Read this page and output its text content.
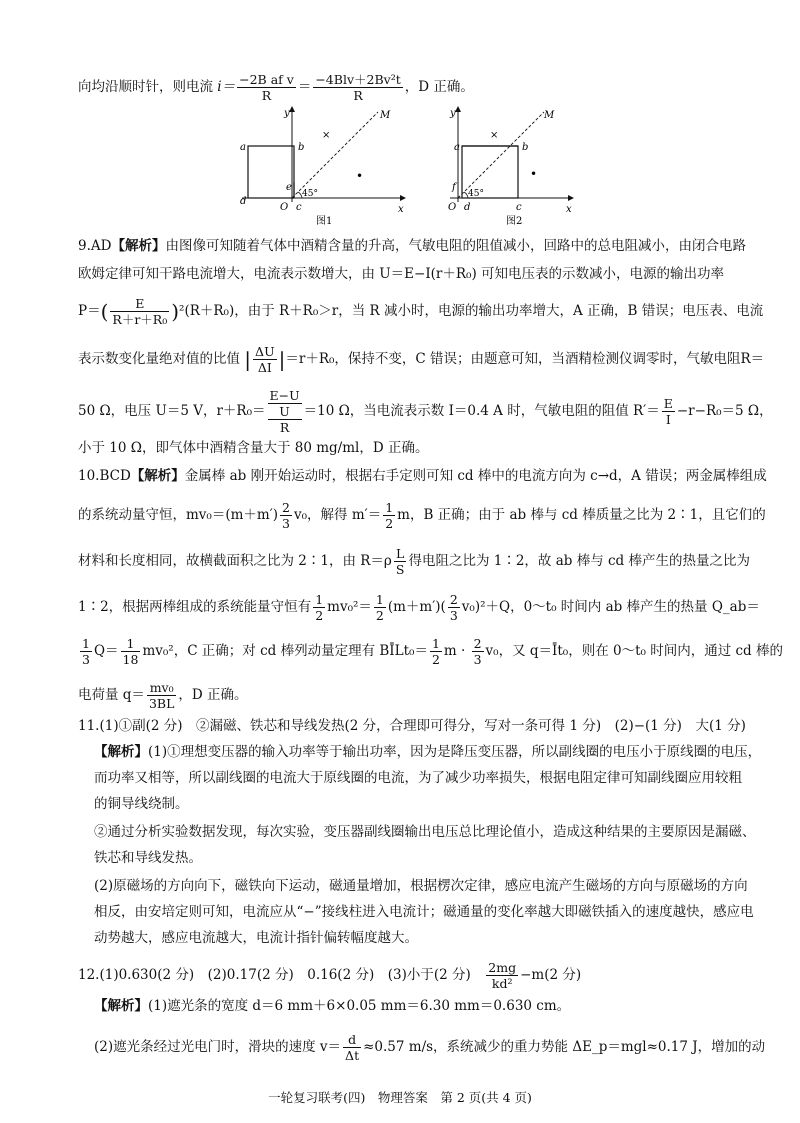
向均沿顺时针，则电流 $i= \frac{\text{−2B af v}}{R} = \frac{\text{−4Blv＋2Bv²t}}{R}$ ，D 正确。
y
x
M
a	b
c
d
e
O
45°
×
•
图1
y
x
M
a	b
c
d
f
O
45°
×
•
图2
9.AD【解析】由图像可知随着气体中酒精含量的升高，气敏电阻的阻值减小，回路中的总电阻减小，由闭合电路
欧姆定律可知干路电流增大，电流表示数增大，由 U＝E−I(r＋R₀) 可知电压表的示数减小，电源的输出功率
$P=( \frac{E}{\text{R＋r＋R₀}} )^2(R+R_0)$，由于 R＋R₀＞r，当 R 减小时，电源的输出功率增大，A 正确，B 错误；电压表、电流
表示数变化量绝对值的比值 | $\frac{\Delta U}{\Delta I} |=r+R_0$，保持不变，C 错误；由题意可知，当酒精检测仪调零时，气敏电阻R＝
50 Ω，电压 U＝5 V，r＋R₀＝
E−U
U
R
＝10 Ω，当电流表示数 I＝0.4 A 时，气敏电阻的阻值 $R'= \frac{E}{I} -r-R_0=5$ Ω，
小于 10 Ω，即气体中酒精含量大于 80 mg/ml，D 正确。
10.BCD【解析】金属棒 ab 刚开始运动时，根据右手定则可知 cd 棒中的电流方向为 c→d，A 错误；两金属棒组成
的系统动量守恒，$mv_0=(m+m') \frac{2}{3} v_0$，解得 $m'= \frac{1}{2}$ m，B 正确；由于 ab 棒与 cd 棒质量之比为 2∶1，且它们的
材料和长度相同，故横截面积之比为 2∶1，由 $R=\rho \frac{L}{S}$ 得电阻之比为 1∶2，故 ab 棒与 cd 棒产生的热量之比为
1∶2，根据两棒组成的系统能量守恒有 $\frac{1}{2} mv_0^2= \frac{1}{2} (m+m')( \frac{2}{3} v_0)^2+Q$，0～t₀ 时间内 ab 棒产生的热量 Q_ab＝
$\frac{1}{3} Q= \frac{1}{18} mv_0^2$，C 正确；对 cd 棒列动量定理有 BĪLt₀＝ $\frac{1}{2}$ $m \cdot \frac{2}{3} v_0$，又 q＝Īt₀，则在 0～t₀ 时间内，通过 cd 棒的
电荷量 $q= \frac{\text{mv₀}}{3BL}$ ，D 正确。
11.(1)①副(2 分)　②漏磁、铁芯和导线发热(2 分，合理即可得分，写对一条可得 1 分)　(2)−(1 分)　大(1 分)
【解析】(1)①理想变压器的输入功率等于输出功率，因为是降压变压器，所以副线圈的电压小于原线圈的电压，
而功率又相等，所以副线圈的电流大于原线圈的电流，为了减少功率损失，根据电阻定律可知副线圈应用较粗
的铜导线绕制。
②通过分析实验数据发现，每次实验，变压器副线圈输出电压总比理论值小，造成这种结果的主要原因是漏磁、
铁芯和导线发热。
(2)原磁场的方向向下，磁铁向下运动，磁通量增加，根据楞次定律，感应电流产生磁场的方向与原磁场的方向
相反，由安培定则可知，电流应从“−”接线柱进入电流计；磁通量的变化率越大即磁铁插入的速度越快，感应电
动势越大，感应电流越大，电流计指针偏转幅度越大。
12.(1)0.630(2 分)　(2)0.17(2 分)　0.16(2 分)　(3)小于(2 分)　 $\frac{2mg}{\text{kd²}} -m(2$ 分)
【解析】(1)遮光条的宽度 d＝6 mm＋6×0.05 mm＝6.30 mm＝0.630 cm。
(2)遮光条经过光电门时，滑块的速度 $v= \frac{d}{\Delta t} \approx 0.57$ m/s，系统减少的重力势能 ΔE_p＝mgl≈0.17 J，增加的动
一轮复习联考(四)　物理答案　第 2 页(共 4 页)
